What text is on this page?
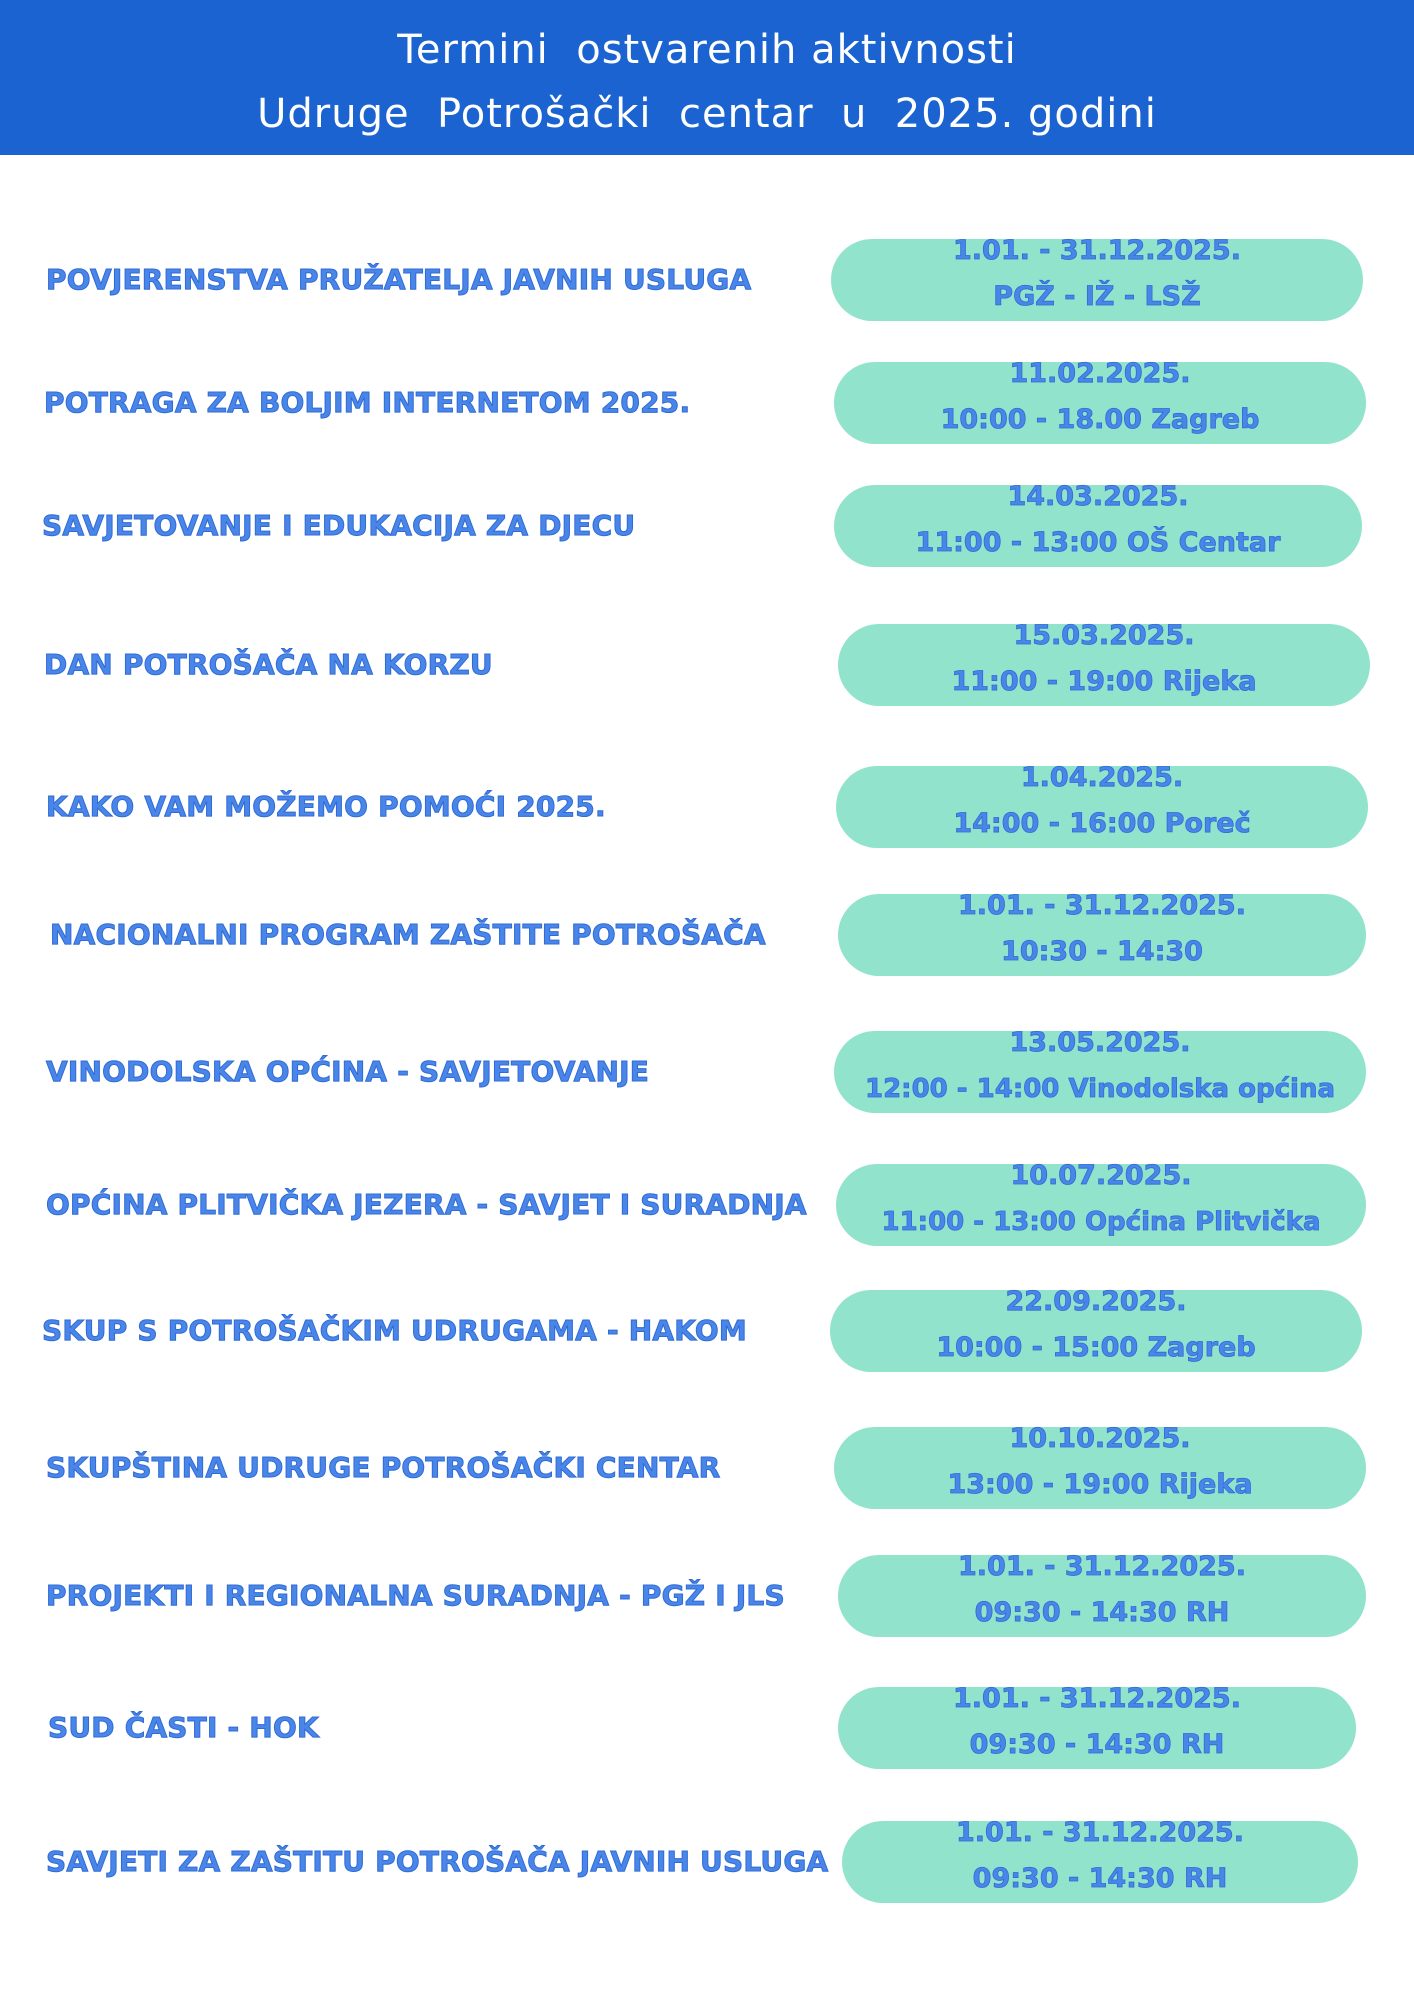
Termini  ostvarenih aktivnosti
Udruge  Potrošački  centar  u  2025. godini
POVJERENSTVA PRUŽATELJA JAVNIH USLUGA
1.01. - 31.12.2025.
PGŽ - IŽ - LSŽ
POTRAGA ZA BOLJIM INTERNETOM 2025.
11.02.2025.
10:00 - 18.00 Zagreb
SAVJETOVANJE I EDUKACIJA ZA DJECU
14.03.2025.
11:00 - 13:00 OŠ Centar
DAN POTROŠAČA NA KORZU
15.03.2025.
11:00 - 19:00 Rijeka
KAKO VAM MOŽEMO POMOĆI 2025.
1.04.2025.
14:00 - 16:00 Poreč
NACIONALNI PROGRAM ZAŠTITE POTROŠAČA
1.01. - 31.12.2025.
10:30 - 14:30
VINODOLSKA OPĆINA - SAVJETOVANJE
13.05.2025.
12:00 - 14:00 Vinodolska općina
OPĆINA PLITVIČKA JEZERA - SAVJET I SURADNJA
10.07.2025.
11:00 - 13:00 Općina Plitvička
SKUP S POTROŠAČKIM UDRUGAMA - HAKOM
22.09.2025.
10:00 - 15:00 Zagreb
SKUPŠTINA UDRUGE POTROŠAČKI CENTAR
10.10.2025.
13:00 - 19:00 Rijeka
PROJEKTI I REGIONALNA SURADNJA - PGŽ I JLS
1.01. - 31.12.2025.
09:30 - 14:30 RH
SUD ČASTI - HOK
1.01. - 31.12.2025.
09:30 - 14:30 RH
SAVJETI ZA ZAŠTITU POTROŠAČA JAVNIH USLUGA
1.01. - 31.12.2025.
09:30 - 14:30 RH
